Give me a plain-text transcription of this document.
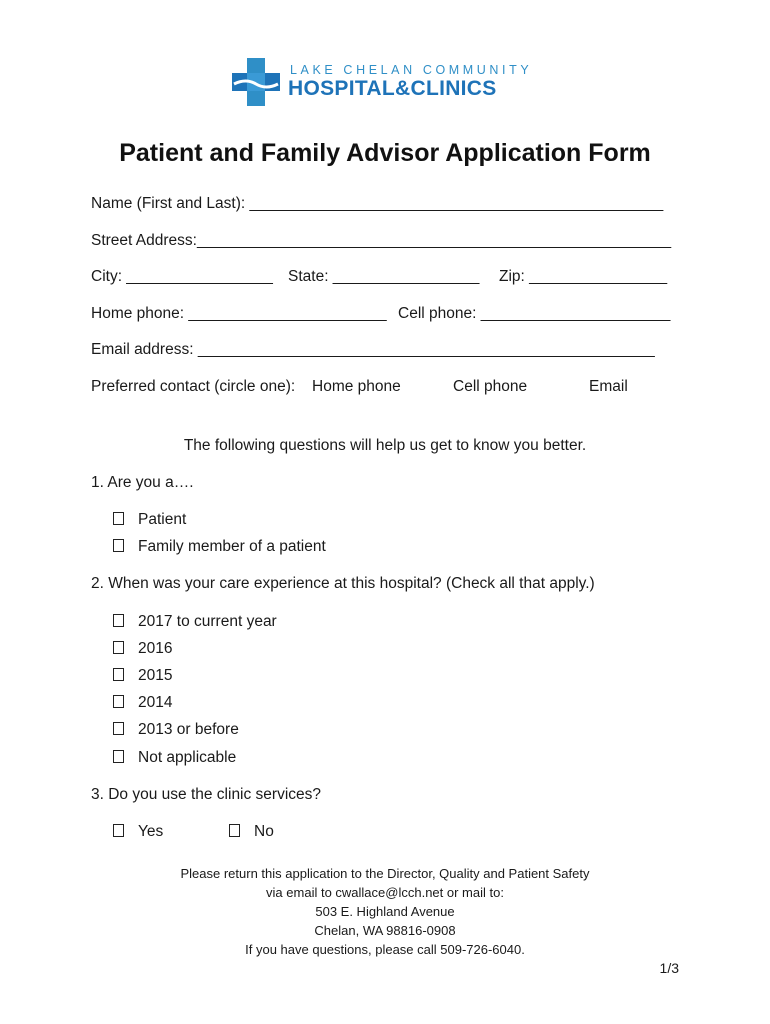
LAKE CHELAN COMMUNITY
HOSPITAL&CLINICS
Patient and Family Advisor Application Form
Name (First and Last): ________________________________________________
Street Address:_______________________________________________________
City: _________________ State: _________________ Zip: ________________
Home phone: _______________________ Cell phone: ______________________
Email address: _____________________________________________________
Preferred contact (circle one): Home phone	Cell phone	Email
The following questions will help us get to know you better.
1. Are you a….
Patient
Family member of a patient
2. When was your care experience at this hospital? (Check all that apply.)
2017 to current year
2016
2015
2014
2013 or before
Not applicable
3. Do you use the clinic services?
Yes	No
Please return this application to the Director, Quality and Patient Safety
via email to cwallace@lcch.net or mail to:
503 E. Highland Avenue
Chelan, WA 98816-0908
If you have questions, please call 509-726-6040.
1/3
